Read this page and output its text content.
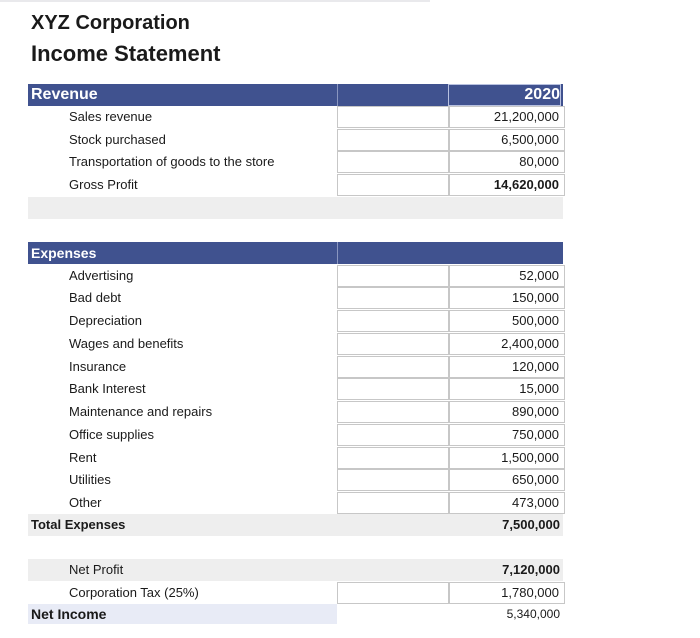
XYZ Corporation
Income Statement
Revenue	2020
Sales revenue	21,200,000
Stock purchased	6,500,000
Transportation of goods to the store	80,000
Gross Profit	14,620,000
Expenses
Advertising	52,000
Bad debt	150,000
Depreciation	500,000
Wages and benefits	2,400,000
Insurance	120,000
Bank Interest	15,000
Maintenance and repairs	890,000
Office supplies	750,000
Rent	1,500,000
Utilities	650,000
Other	473,000
Total Expenses	7,500,000
Net Profit	7,120,000
Corporation Tax (25%)	1,780,000
Net Income	5,340,000
